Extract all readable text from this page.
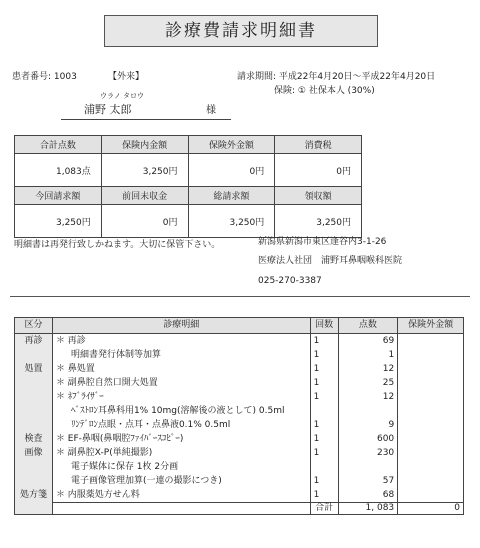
診療費請求明細書
患者番号: 1003	【外来】	請求期間: 平成22年4月20日～平成22年4月20日
保険: ① 社保本人 (30%)
ウラノ タロウ
浦野 太郎	様
合計点数	保険内金額	保険外金額	消費税
1,083点	3,250円	0円	0円
今回請求額	前回未収金	総請求額	領収額
3,250円	0円	3,250円	3,250円
明細書は再発行致しかねます。大切に保管下さい。	新潟県新潟市東区逢谷内3-1-26
医療法人社団　浦野耳鼻咽喉科医院
025-270-3387
区分	診療明細	回数	点数	保険外金額
再診	＊ 再診	1	69	
	明細書発行体制等加算	1	1	
処置	＊ 鼻処置	1	12	
	＊ 副鼻腔自然口開大処置	1	25	
	＊ ﾈﾌﾞﾗｲｻﾞｰ	1	12	
	ﾍﾞｽﾄﾛﾝ耳鼻科用1% 10mg(溶解後の液として) 0.5ml			
	ﾘﾝﾃﾞﾛﾝ点眼・点耳・点鼻液0.1% 0.5ml	1	9	
検査	＊ EF-鼻咽(鼻咽腔ﾌｧｲﾊﾞｰｽｺﾋﾟｰ)	1	600	
画像	＊ 副鼻腔X-P(単純撮影)	1	230	
	電子媒体に保存 1枚 2分画			
	電子画像管理加算(一連の撮影につき)	1	57	
処方箋	＊ 内服薬処方せん料	1	68	
		合計	1, 083	0
